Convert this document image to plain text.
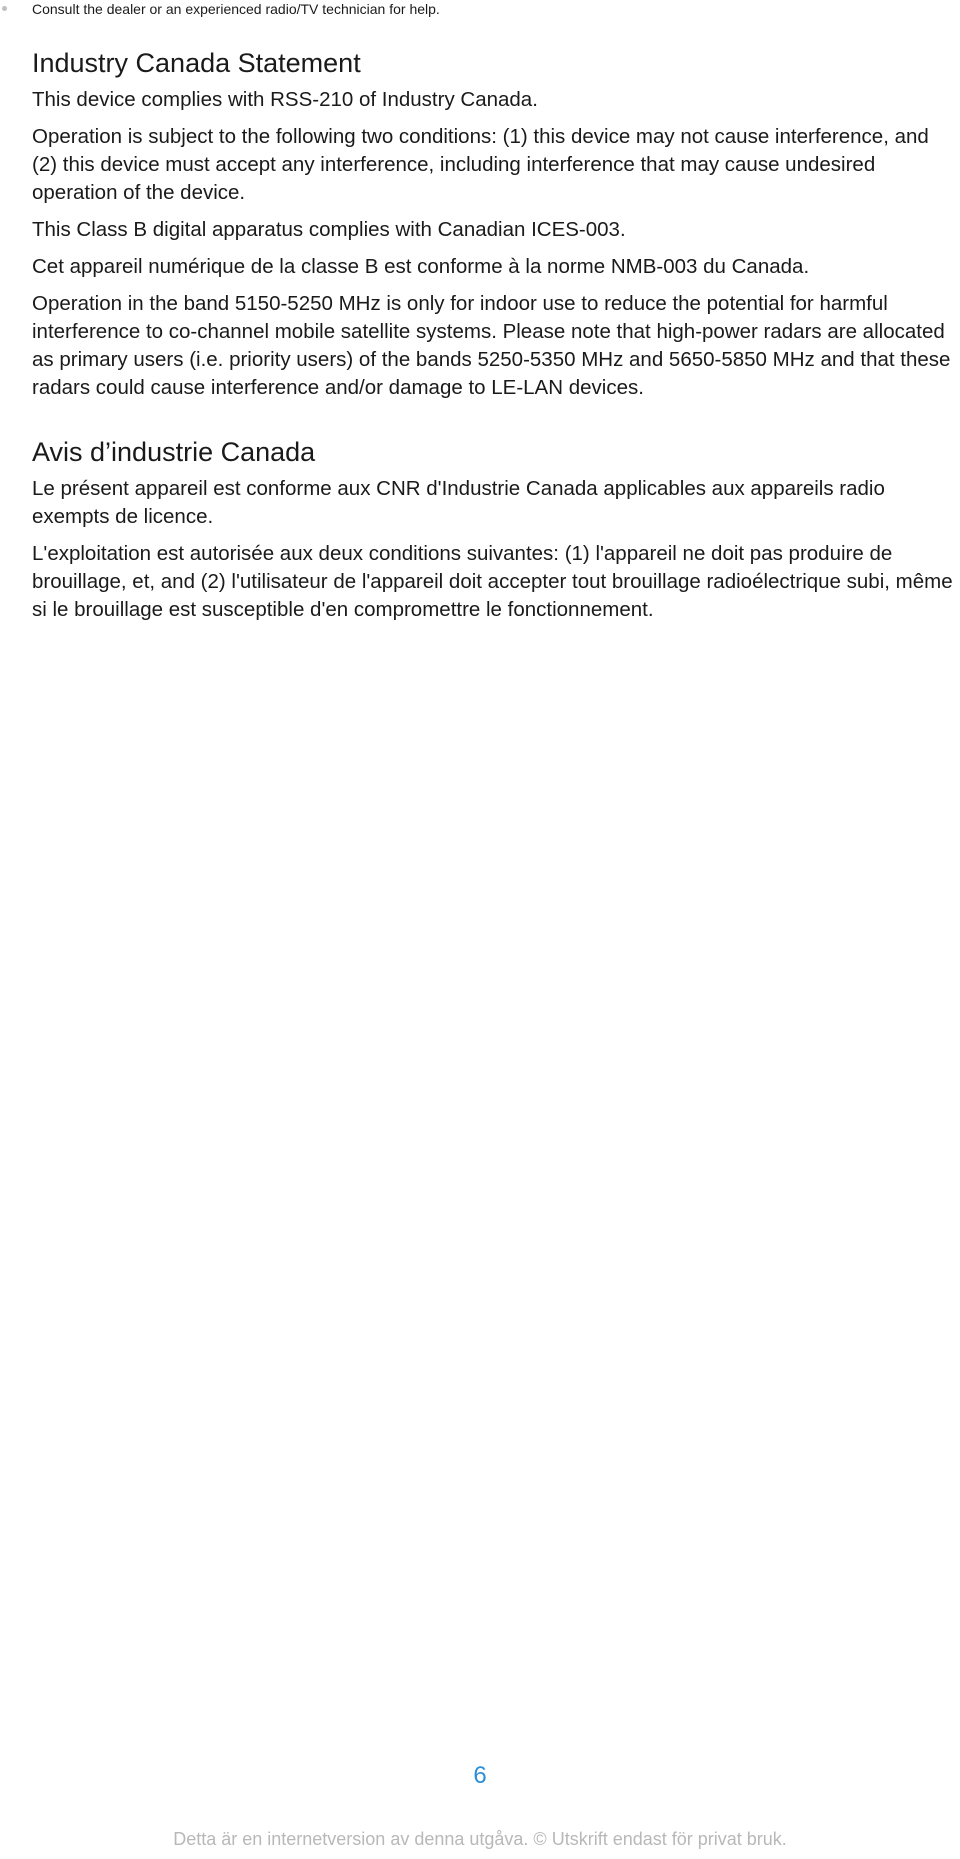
Consult the dealer or an experienced radio/TV technician for help.
Industry Canada Statement

This device complies with RSS-210 of Industry Canada.

Operation is subject to the following two conditions: (1) this device may not cause interference, and (2) this device must accept any interference, including interference that may cause undesired operation of the device.

This Class B digital apparatus complies with Canadian ICES-003.

Cet appareil numérique de la classe B est conforme à la norme NMB-003 du Canada.

Operation in the band 5150-5250 MHz is only for indoor use to reduce the potential for harmful interference to co-channel mobile satellite systems. Please note that high-power radars are allocated as primary users (i.e. priority users) of the bands 5250-5350 MHz and 5650-5850 MHz and that these radars could cause interference and/or damage to LE-LAN devices.

Avis d’industrie Canada

Le présent appareil est conforme aux CNR d'Industrie Canada applicables aux appareils radio exempts de licence.

L'exploitation est autorisée aux deux conditions suivantes: (1) l'appareil ne doit pas produire de brouillage, et, and (2) l'utilisateur de l'appareil doit accepter tout brouillage radioélectrique subi, même si le brouillage est susceptible d'en compromettre le fonctionnement.

6
Detta är en internetversion av denna utgåva. © Utskrift endast för privat bruk.
